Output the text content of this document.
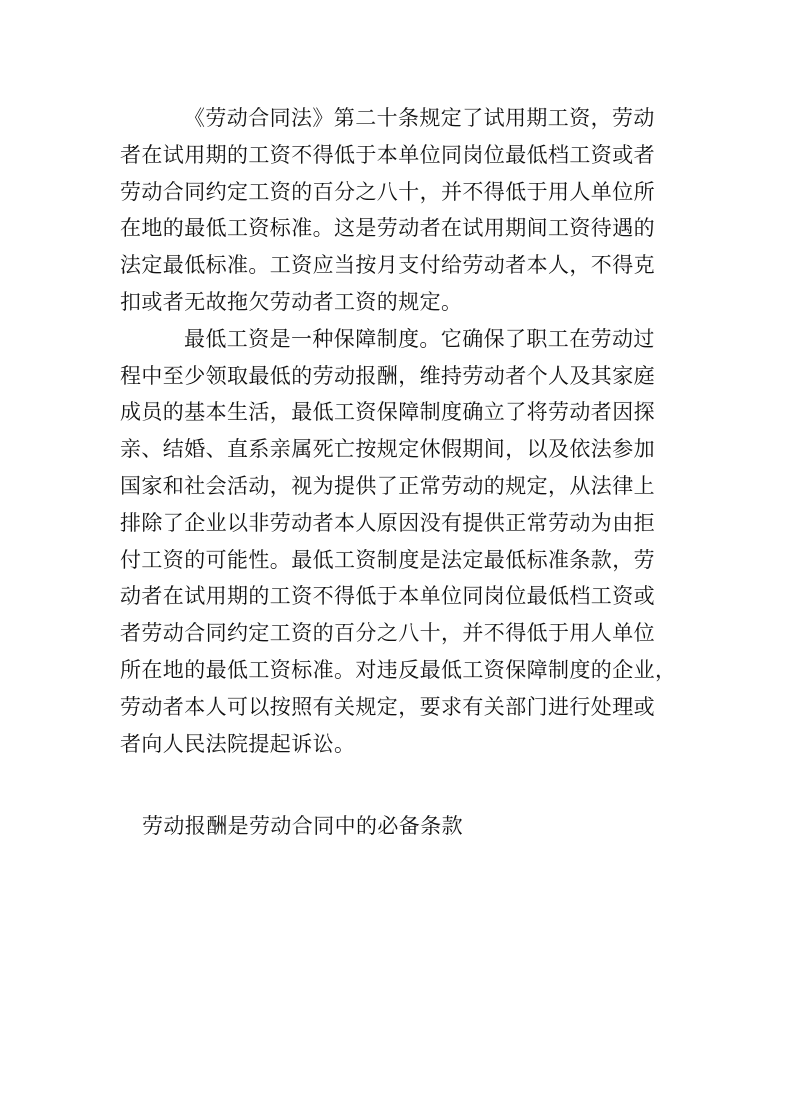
《劳动合同法》第二十条规定了试用期工资，劳动
者在试用期的工资不得低于本单位同岗位最低档工资或者
劳动合同约定工资的百分之八十，并不得低于用人单位所
在地的最低工资标准。这是劳动者在试用期间工资待遇的
法定最低标准。工资应当按月支付给劳动者本人，不得克
扣或者无故拖欠劳动者工资的规定。
最低工资是一种保障制度。它确保了职工在劳动过
程中至少领取最低的劳动报酬，维持劳动者个人及其家庭
成员的基本生活，最低工资保障制度确立了将劳动者因探
亲、结婚、直系亲属死亡按规定休假期间，以及依法参加
国家和社会活动，视为提供了正常劳动的规定，从法律上
排除了企业以非劳动者本人原因没有提供正常劳动为由拒
付工资的可能性。最低工资制度是法定最低标准条款，劳
动者在试用期的工资不得低于本单位同岗位最低档工资或
者劳动合同约定工资的百分之八十，并不得低于用人单位
所在地的最低工资标准。对违反最低工资保障制度的企业，
劳动者本人可以按照有关规定，要求有关部门进行处理或
者向人民法院提起诉讼。
劳动报酬是劳动合同中的必备条款
